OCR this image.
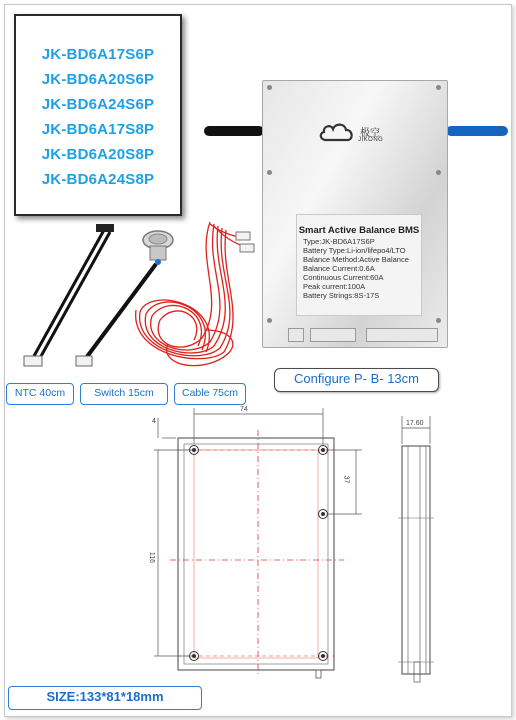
JK-BD6A17S6P
JK-BD6A20S6P
JK-BD6A24S6P
JK-BD6A17S8P
JK-BD6A20S8P
JK-BD6A24S8P
极空
JIKONG
Smart Active Balance BMS
Type:JK-BD6A17S6P
Battery Type:Li-ion/lifepo4/LTO
Balance Method:Active Balance
Balance Current:0.6A
Continuous Current:60A
Peak current:100A
Battery Strings:8S-17S
NTC 40cm	Switch 15cm	Cable 75cm
Configure P- B- 13cm
74
4
116
37
17.60
SIZE:133*81*18mm
